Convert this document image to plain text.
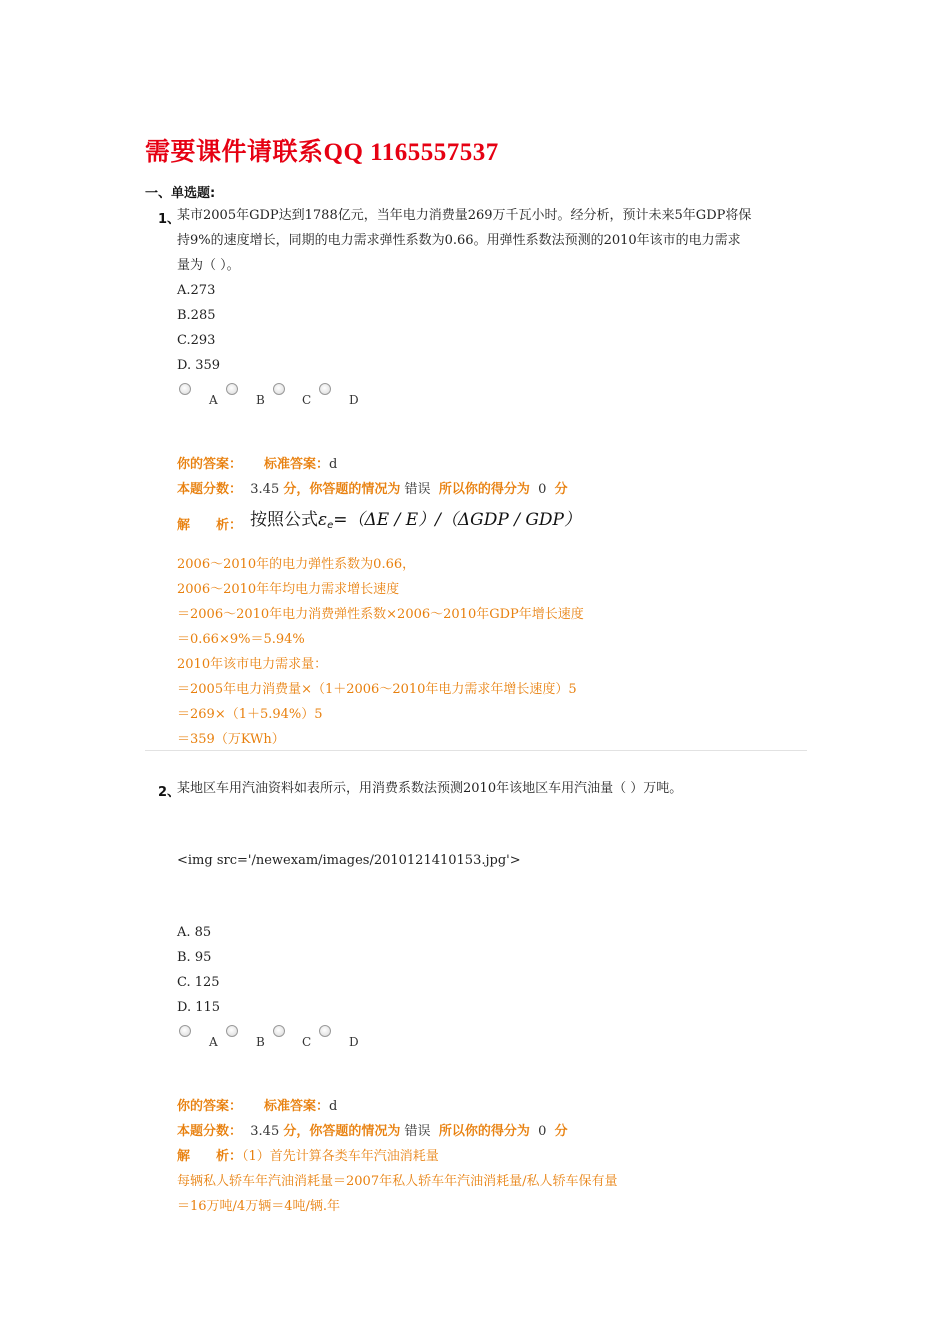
需要课件请联系QQ 1165557537
一、单选题:
1、
某市2005年GDP达到1788亿元，当年电力消费量269万千瓦小时。经分析，预计未来5年GDP将保
持9%的速度增长，同期的电力需求弹性系数为0.66。用弹性系数法预测的2010年该市的电力需求
量为（ ）。
A.273
B.285
C.293
D. 359
A	B	C	D
你的答案： 标准答案：d
本题分数： 3.45 分，你答题的情况为 错误 所以你的得分为 0 分
解　　析： 按照公式$\varepsilon_e=(\Delta E / E)/(\Delta GDP / GDP)$
2006～2010年的电力弹性系数为0.66，
2006～2010年年均电力需求增长速度
＝2006～2010年电力消费弹性系数×2006～2010年GDP年增长速度
＝0.66×9%＝5.94%
2010年该市电力需求量：
＝2005年电力消费量×（1＋2006～2010年电力需求年增长速度）5
＝269×（1＋5.94%）5
＝359（万KWh）
2、
某地区车用汽油资料如表所示，用消费系数法预测2010年该地区车用汽油量（ ）万吨。
<img src='/newexam/images/2010121410153.jpg'>
A. 85
B. 95
C. 125
D. 115
A	B	C	D
你的答案： 标准答案：d
本题分数： 3.45 分，你答题的情况为 错误 所以你的得分为 0 分
解　　析：（1）首先计算各类车年汽油消耗量
每辆私人轿车年汽油消耗量＝2007年私人轿车年汽油消耗量/私人轿车保有量
＝16万吨/4万辆＝4吨/辆.年
